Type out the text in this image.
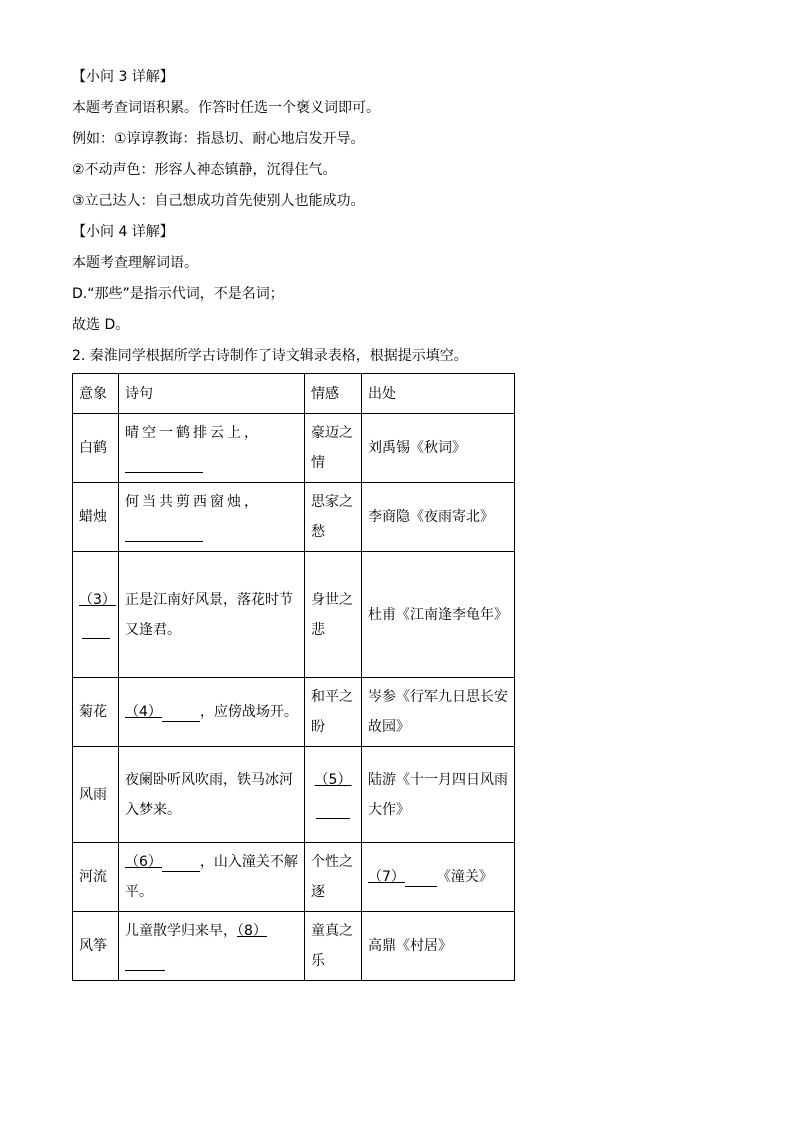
【小问 3 详解】
本题考查词语积累。作答时任选一个褒义词即可。
例如：①谆谆教诲：指恳切、耐心地启发开导。
②不动声色：形容人神态镇静，沉得住气。
③立己达人：自己想成功首先使别人也能成功。
【小问 4 详解】
本题考查理解词语。
D.“那些”是指示代词，不是名词；
故选 D。
2. 秦淮同学根据所学古诗制作了诗文辑录表格，根据提示填空。
意象	诗句	情感	出处
白鹤	晴空一鹤排云上，	豪迈之情	刘禹锡《秋词》
蜡烛	何当共剪西窗烛，	思家之愁	李商隐《夜雨寄北》
（3）	正是江南好风景，落花时节又逢君。	身世之悲	杜甫《江南逢李龟年》
菊花	（4） ，应傍战场开。	和平之盼	岑参《行军九日思长安故园》
风雨	夜阑卧听风吹雨，铁马冰河入梦来。	（5）	陆游《十一月四日风雨大作》
河流	（6） ，山入潼关不解平。	个性之逐	（7） 《潼关》
风筝	儿童散学归来早，（8）	童真之乐	高鼎《村居》
